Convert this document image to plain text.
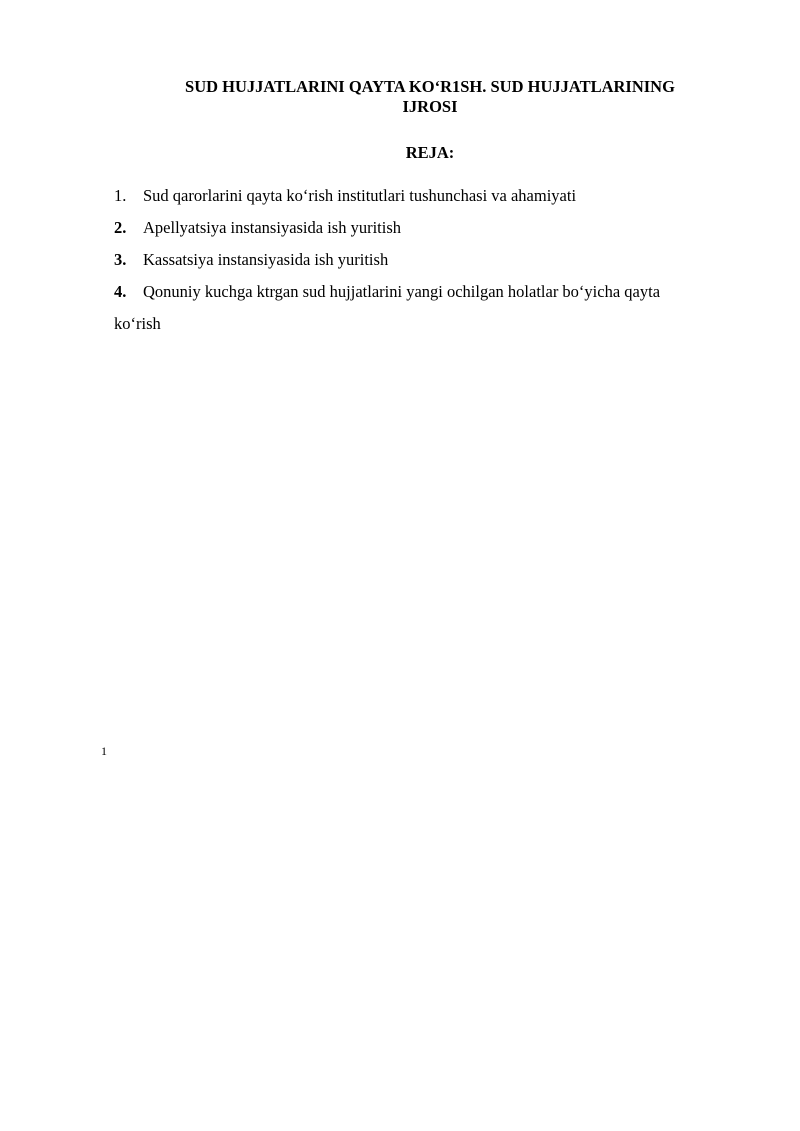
SUD HUJJATLARINI QAYTA KO‘R1SH. SUD HUJJATLARINING
IJROSI
REJA:
1. Sud qarorlarini qayta ko‘rish institutlari tushunchasi va ahamiyati
2. Apellyatsiya instansiyasida ish yuritish
3. Kassatsiya instansiyasida ish yuritish
4. Qonuniy kuchga ktrgan sud hujjatlarini yangi ochilgan holatlar bo‘yicha qayta
ko‘rish
1
